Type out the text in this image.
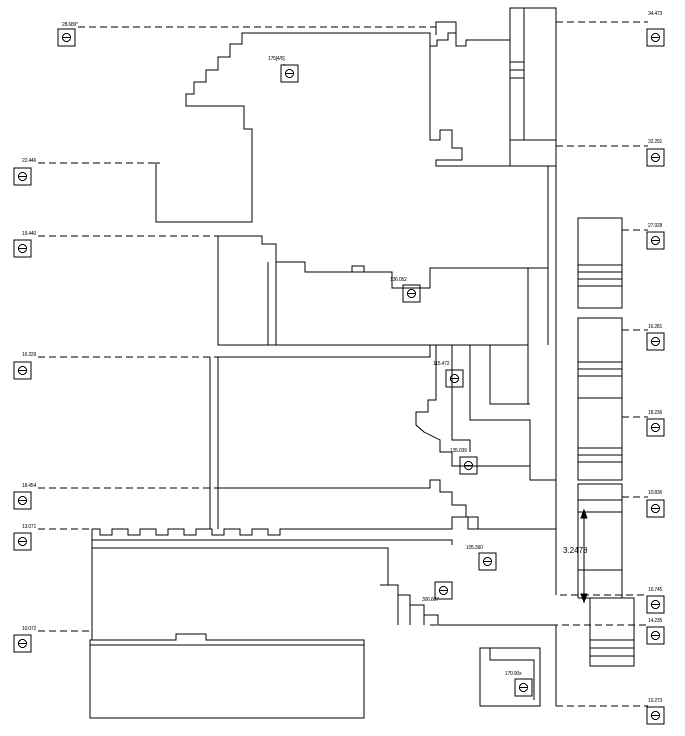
28.689*
22.446
19.440
16.329
18.454
13.071
10.072
34.473
32.291
27.928
16.281
18.236
10.836
16.745
14.235
10.273
175[4/5]
136.052
115.472
135.039
105.390
306.607
170.90x
3.2478
